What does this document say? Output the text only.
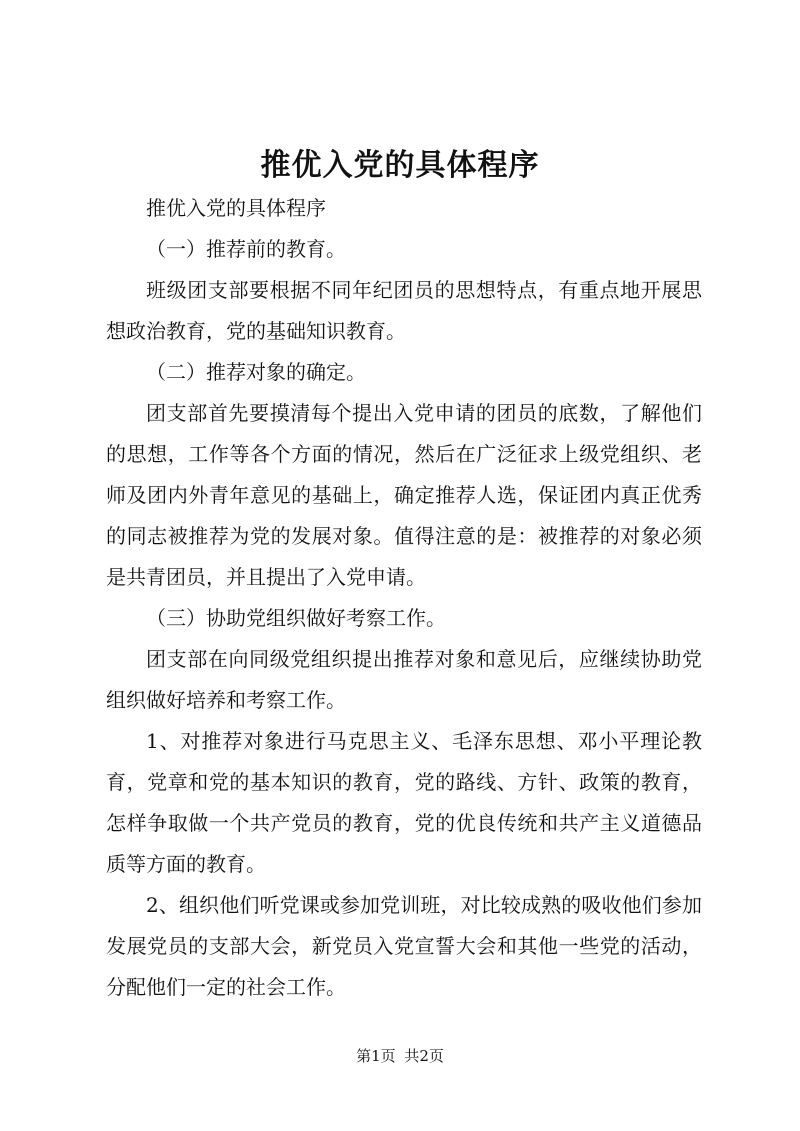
推优入党的具体程序

推优入党的具体程序

（一）推荐前的教育。

班级团支部要根据不同年纪团员的思想特点，有重点地开展思想政治教育，党的基础知识教育。

（二）推荐对象的确定。

团支部首先要摸清每个提出入党申请的团员的底数，了解他们的思想，工作等各个方面的情况，然后在广泛征求上级党组织、老师及团内外青年意见的基础上，确定推荐人选，保证团内真正优秀的同志被推荐为党的发展对象。值得注意的是：被推荐的对象必须是共青团员，并且提出了入党申请。

（三）协助党组织做好考察工作。

团支部在向同级党组织提出推荐对象和意见后，应继续协助党组织做好培养和考察工作。

1、对推荐对象进行马克思主义、毛泽东思想、邓小平理论教育，党章和党的基本知识的教育，党的路线、方针、政策的教育，怎样争取做一个共产党员的教育，党的优良传统和共产主义道德品质等方面的教育。

2、组织他们听党课或参加党训班，对比较成熟的吸收他们参加发展党员的支部大会，新党员入党宣誓大会和其他一些党的活动，分配他们一定的社会工作。

第1页 共2页
